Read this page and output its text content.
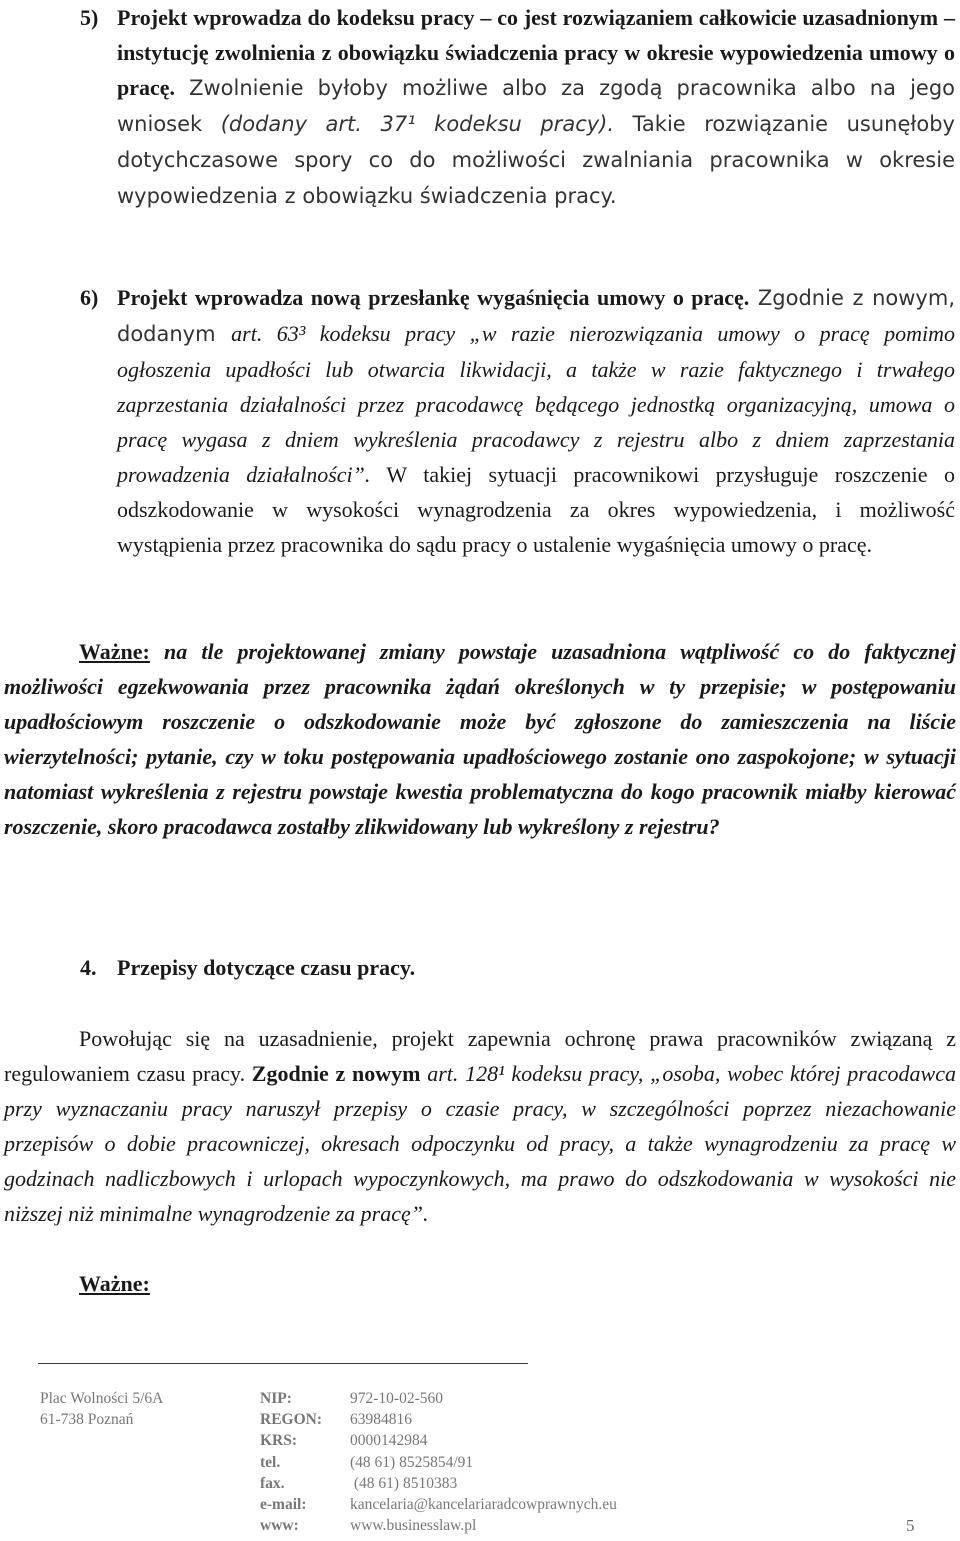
5) Projekt wprowadza do kodeksu pracy – co jest rozwiązaniem całkowicie uzasadnionym – instytucję zwolnienia z obowiązku świadczenia pracy w okresie wypowiedzenia umowy o pracę. Zwolnienie byłoby możliwe albo za zgodą pracownika albo na jego wniosek (dodany art. 37¹ kodeksu pracy). Takie rozwiązanie usunęłoby dotychczasowe spory co do możliwości zwalniania pracownika w okresie wypowiedzenia z obowiązku świadczenia pracy.

6) Projekt wprowadza nową przesłankę wygaśnięcia umowy o pracę. Zgodnie z nowym, dodanym art. 63³ kodeksu pracy „w razie nierozwiązania umowy o pracę pomimo ogłoszenia upadłości lub otwarcia likwidacji, a także w razie faktycznego i trwałego zaprzestania działalności przez pracodawcę będącego jednostką organizacyjną, umowa o pracę wygasa z dniem wykreślenia pracodawcy z rejestru albo z dniem zaprzestania prowadzenia działalności”. W takiej sytuacji pracownikowi przysługuje roszczenie o odszkodowanie w wysokości wynagrodzenia za okres wypowiedzenia, i możliwość wystąpienia przez pracownika do sądu pracy o ustalenie wygaśnięcia umowy o pracę.

Ważne: na tle projektowanej zmiany powstaje uzasadniona wątpliwość co do faktycznej możliwości egzekwowania przez pracownika żądań określonych w ty przepisie; w postępowaniu upadłościowym roszczenie o odszkodowanie może być zgłoszone do zamieszczenia na liście wierzytelności; pytanie, czy w toku postępowania upadłościowego zostanie ono zaspokojone; w sytuacji natomiast wykreślenia z rejestru powstaje kwestia problematyczna do kogo pracownik miałby kierować roszczenie, skoro pracodawca zostałby zlikwidowany lub wykreślony z rejestru?

4. Przepisy dotyczące czasu pracy.

Powołując się na uzasadnienie, projekt zapewnia ochronę prawa pracowników związaną z regulowaniem czasu pracy. Zgodnie z nowym art. 128¹ kodeksu pracy, „osoba, wobec której pracodawca przy wyznaczaniu pracy naruszył przepisy o czasie pracy, w szczególności poprzez niezachowanie przepisów o dobie pracowniczej, okresach odpoczynku od pracy, a także wynagrodzeniu za pracę w godzinach nadliczbowych i urlopach wypoczynkowych, ma prawo do odszkodowania w wysokości nie niższej niż minimalne wynagrodzenie za pracę”.

Ważne:

Plac Wolności 5/6A
61-738 Poznań
NIP:
REGON:
KRS:
tel.
fax.
e-mail:
www:
972-10-02-560
63984816
0000142984
(48 61) 8525854/91
(48 61) 8510383
kancelaria@kancelariaradcowprawnych.eu
www.businesslaw.pl	5
